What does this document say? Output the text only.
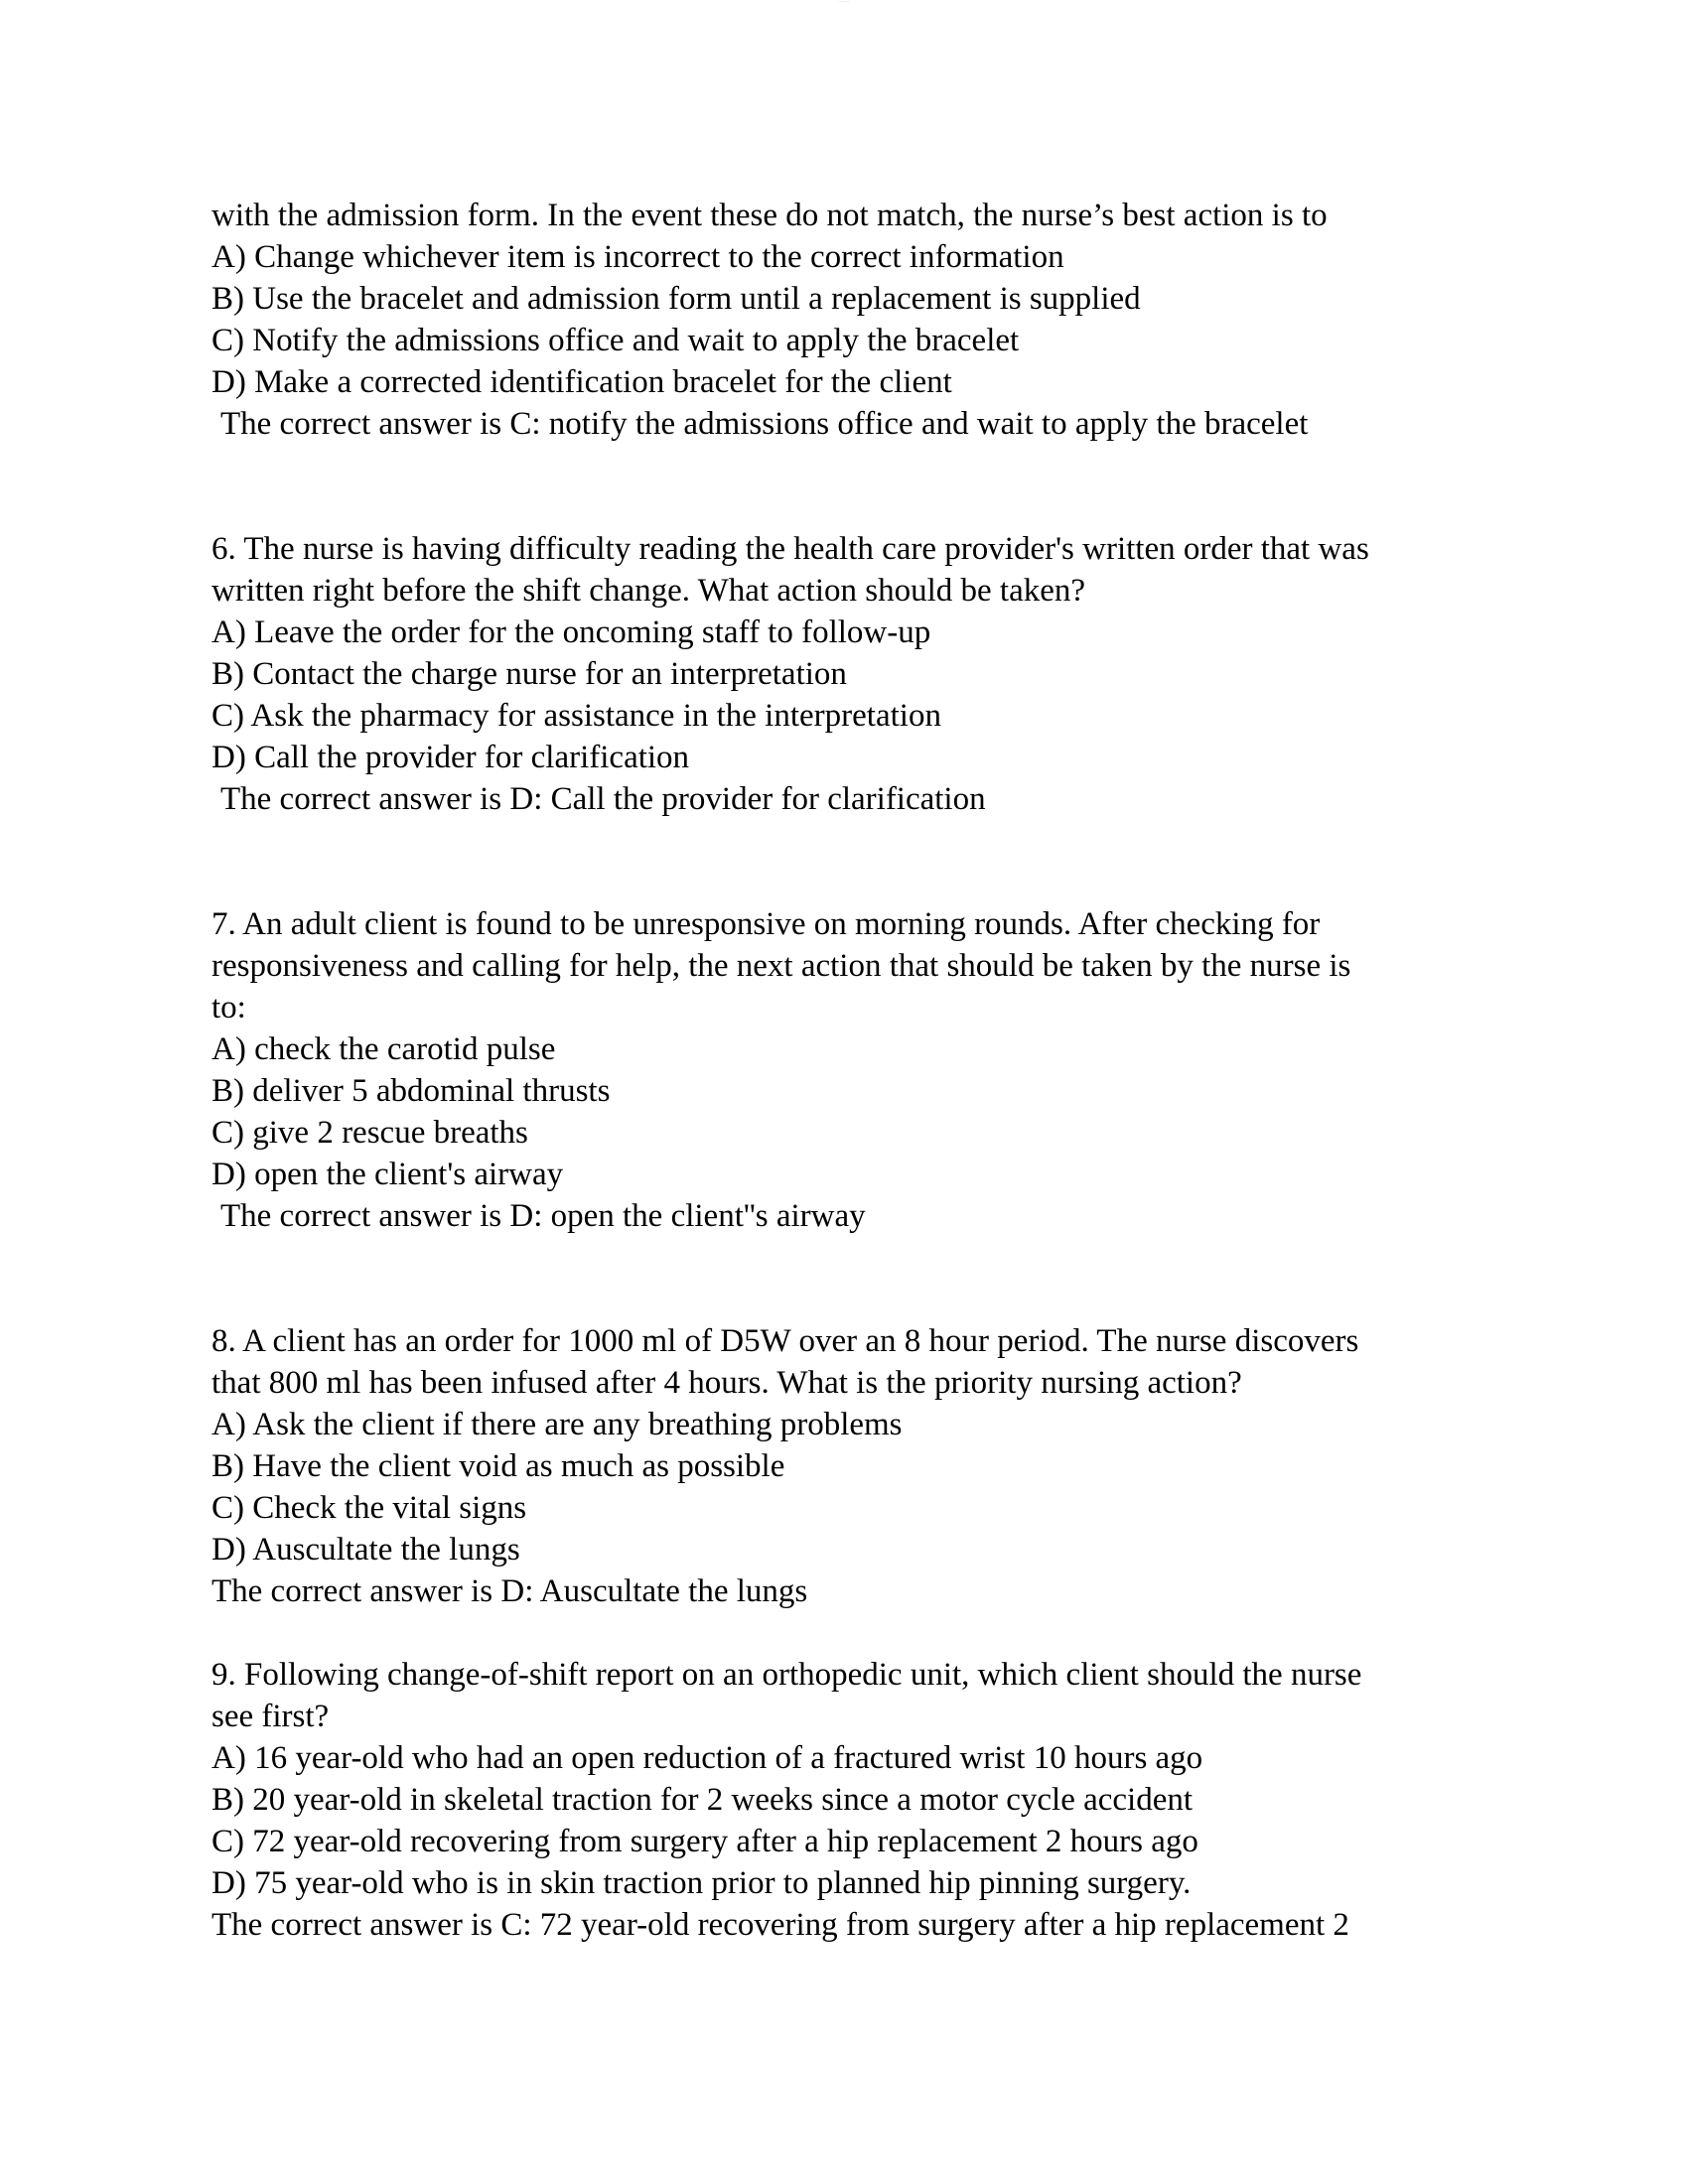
·········

with the admission form. In the event these do not match, the nurse’s best action is to

A) Change whichever item is incorrect to the correct information

B) Use the bracelet and admission form until a replacement is supplied

C) Notify the admissions office and wait to apply the bracelet

D) Make a corrected identification bracelet for the client

The correct answer is C: notify the admissions office and wait to apply the bracelet

6. The nurse is having difficulty reading the health care provider's written order that was

written right before the shift change. What action should be taken?

A) Leave the order for the oncoming staff to follow-up

B) Contact the charge nurse for an interpretation

C) Ask the pharmacy for assistance in the interpretation

D) Call the provider for clarification

The correct answer is D: Call the provider for clarification

7. An adult client is found to be unresponsive on morning rounds. After checking for

responsiveness and calling for help, the next action that should be taken by the nurse is

to:

A) check the carotid pulse

B) deliver 5 abdominal thrusts

C) give 2 rescue breaths

D) open the client's airway

The correct answer is D: open the client''s airway

8. A client has an order for 1000 ml of D5W over an 8 hour period. The nurse discovers

that 800 ml has been infused after 4 hours. What is the priority nursing action?

A) Ask the client if there are any breathing problems

B) Have the client void as much as possible

C) Check the vital signs

D) Auscultate the lungs

The correct answer is D: Auscultate the lungs

9. Following change-of-shift report on an orthopedic unit, which client should the nurse

see first?

A) 16 year-old who had an open reduction of a fractured wrist 10 hours ago

B) 20 year-old in skeletal traction for 2 weeks since a motor cycle accident

C) 72 year-old recovering from surgery after a hip replacement 2 hours ago

D) 75 year-old who is in skin traction prior to planned hip pinning surgery.

The correct answer is C: 72 year-old recovering from surgery after a hip replacement 2
